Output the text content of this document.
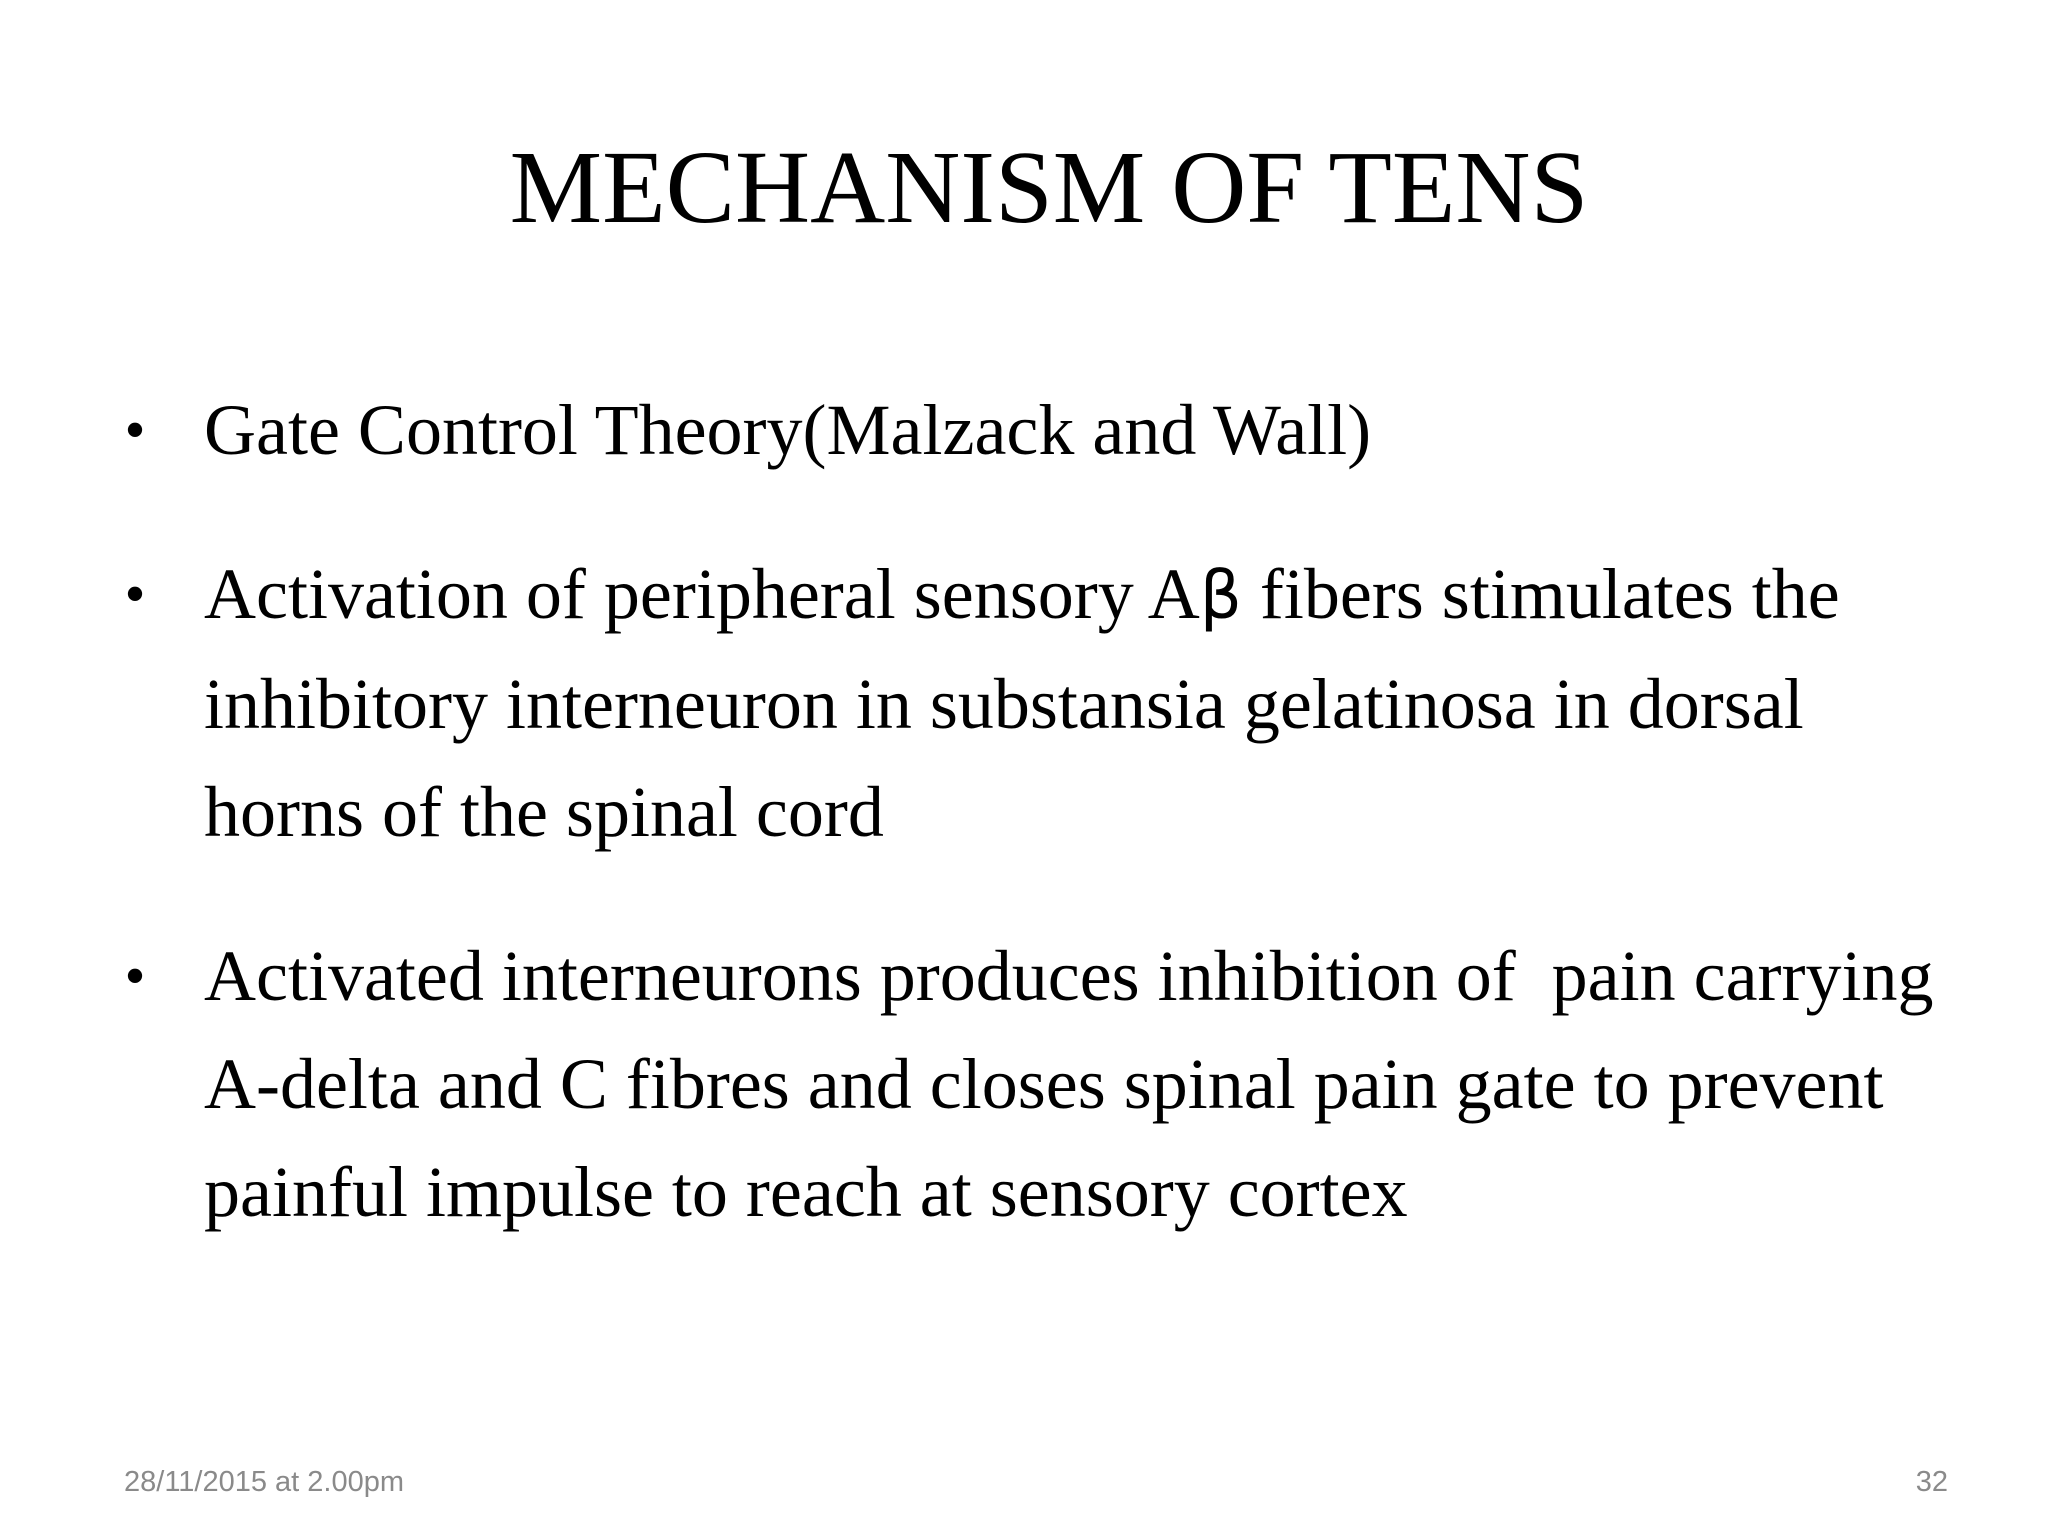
MECHANISM OF TENS
• Gate Control Theory(Malzack and Wall)
• Activation of peripheral sensory Aβ fibers stimulates the inhibitory interneuron in substansia gelatinosa in dorsal horns of the spinal cord
• Activated interneurons produces inhibition of  pain carrying A-delta and C fibres and closes spinal pain gate to prevent painful impulse to reach at sensory cortex
28/11/2015 at 2.00pm	32
